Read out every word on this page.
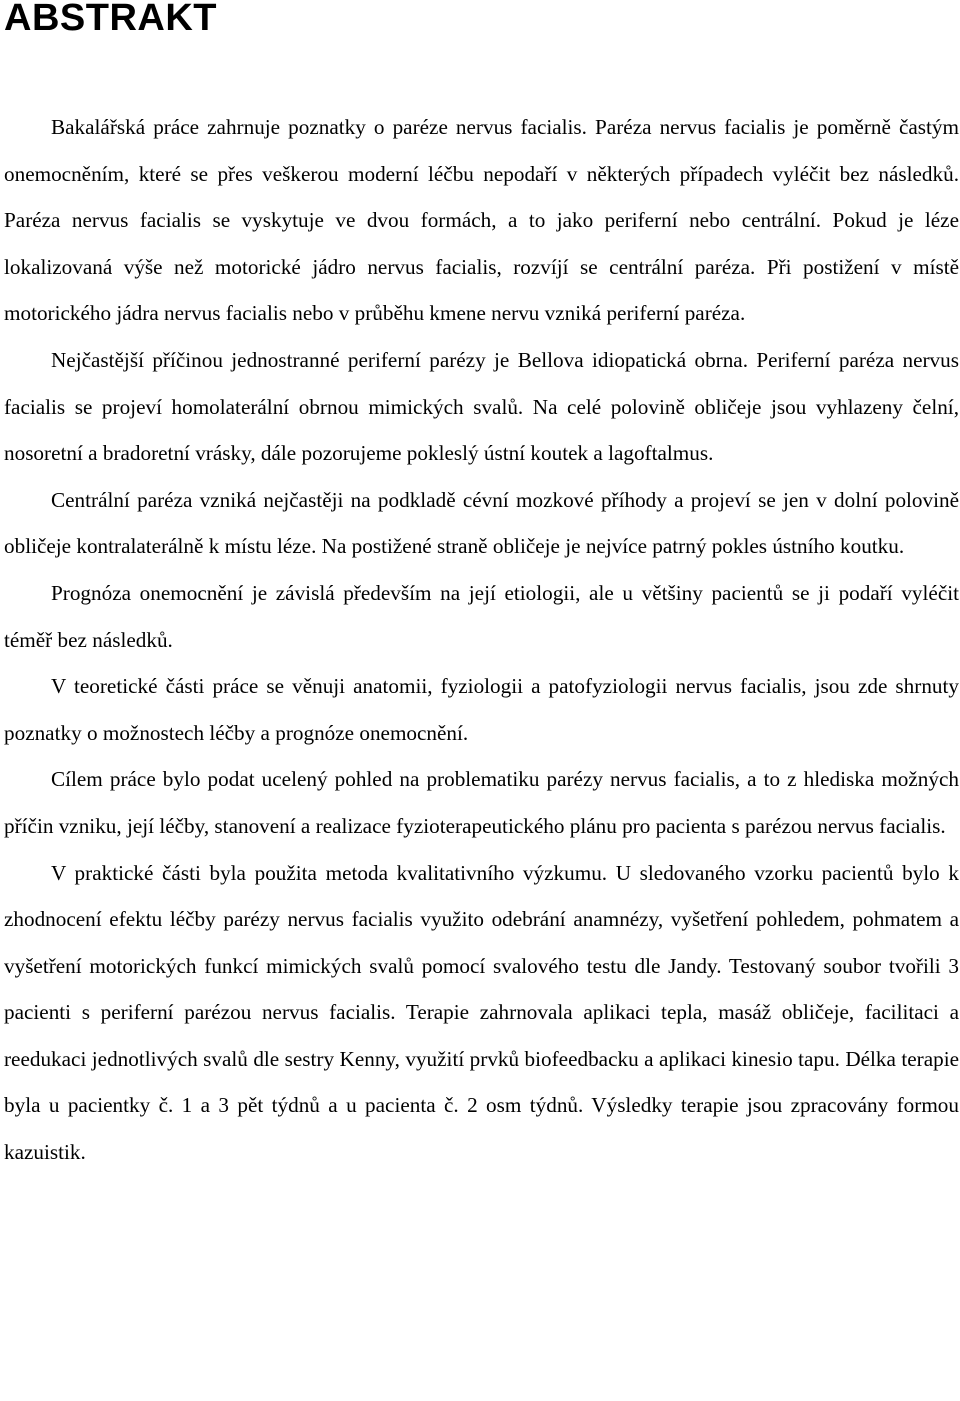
ABSTRAKT

Bakalářská práce zahrnuje poznatky o paréze nervus facialis. Paréza nervus facialis je poměrně častým onemocněním, které se přes veškerou moderní léčbu nepodaří v některých případech vyléčit bez následků. Paréza nervus facialis se vyskytuje ve dvou formách, a to jako periferní nebo centrální. Pokud je léze lokalizovaná výše než motorické jádro nervus facialis, rozvíjí se centrální paréza. Při postižení v místě motorického jádra nervus facialis nebo v průběhu kmene nervu vzniká periferní paréza.

Nejčastější příčinou jednostranné periferní parézy je Bellova idiopatická obrna. Periferní paréza nervus facialis se projeví homolaterální obrnou mimických svalů. Na celé polovině obličeje jsou vyhlazeny čelní, nosoretní a bradoretní vrásky, dále pozorujeme pokleslý ústní koutek a lagoftalmus.

Centrální paréza vzniká nejčastěji na podkladě cévní mozkové příhody a projeví se jen v dolní polovině obličeje kontralaterálně k místu léze. Na postižené straně obličeje je nejvíce patrný pokles ústního koutku.

Prognóza onemocnění je závislá především na její etiologii, ale u většiny pacientů se ji podaří vyléčit téměř bez následků.

V teoretické části práce se věnuji anatomii, fyziologii a patofyziologii nervus facialis, jsou zde shrnuty poznatky o možnostech léčby a prognóze onemocnění.

Cílem práce bylo podat ucelený pohled na problematiku parézy nervus facialis, a to z hlediska možných příčin vzniku, její léčby, stanovení a realizace fyzioterapeutického plánu pro pacienta s parézou nervus facialis.

V praktické části byla použita metoda kvalitativního výzkumu. U sledovaného vzorku pacientů bylo k zhodnocení efektu léčby parézy nervus facialis využito odebrání anamnézy, vyšetření pohledem, pohmatem a vyšetření motorických funkcí mimických svalů pomocí svalového testu dle Jandy. Testovaný soubor tvořili 3 pacienti s periferní parézou nervus facialis. Terapie zahrnovala aplikaci tepla, masáž obličeje, facilitaci a reedukaci jednotlivých svalů dle sestry Kenny, využití prvků biofeedbacku a aplikaci kinesio tapu. Délka terapie byla u pacientky č. 1 a 3 pět týdnů a u pacienta č. 2 osm týdnů. Výsledky terapie jsou zpracovány formou kazuistik.
